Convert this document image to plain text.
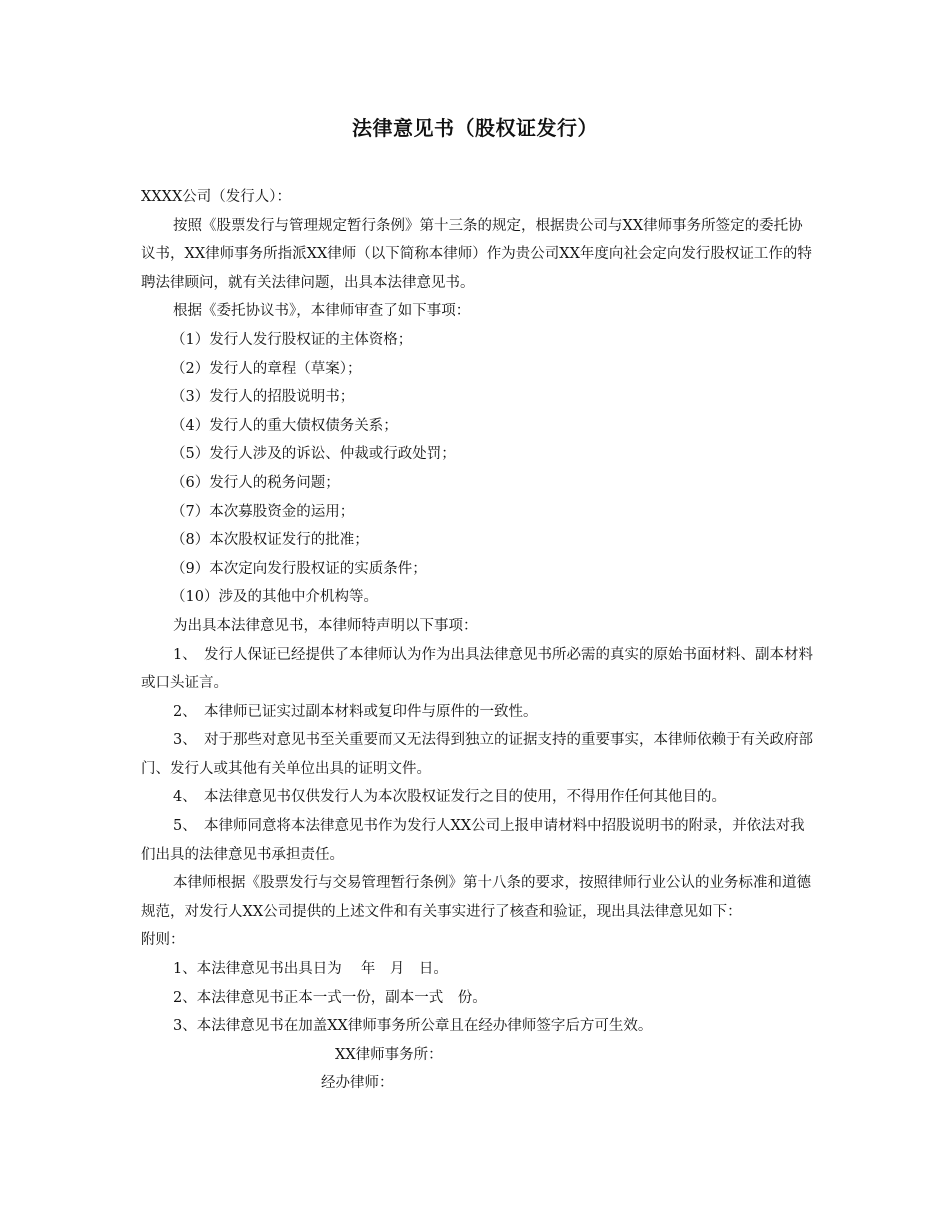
法律意见书（股权证发行）

XXXX公司（发行人）：

按照《股票发行与管理规定暂行条例》第十三条的规定，根据贵公司与XX律师事务所签定的委托协议书，XX律师事务所指派XX律师（以下简称本律师）作为贵公司XX年度向社会定向发行股权证工作的特聘法律顾问，就有关法律问题，出具本法律意见书。

根据《委托协议书》，本律师审查了如下事项：

（1）发行人发行股权证的主体资格；

（2）发行人的章程（草案）；

（3）发行人的招股说明书；

（4）发行人的重大债权债务关系；

（5）发行人涉及的诉讼、仲裁或行政处罚；

（6）发行人的税务问题；

（7）本次募股资金的运用；

（8）本次股权证发行的批准；

（9）本次定向发行股权证的实质条件；

（10）涉及的其他中介机构等。

为出具本法律意见书，本律师特声明以下事项：

1、　发行人保证已经提供了本律师认为作为出具法律意见书所必需的真实的原始书面材料、副本材料或口头证言。

2、　本律师已证实过副本材料或复印件与原件的一致性。

3、　对于那些对意见书至关重要而又无法得到独立的证据支持的重要事实，本律师依赖于有关政府部门、发行人或其他有关单位出具的证明文件。

4、　本法律意见书仅供发行人为本次股权证发行之目的使用，不得用作任何其他目的。

5、　本律师同意将本法律意见书作为发行人XX公司上报申请材料中招股说明书的附录，并依法对我们出具的法律意见书承担责任。

本律师根据《股票发行与交易管理暂行条例》第十八条的要求，按照律师行业公认的业务标准和道德规范，对发行人XX公司提供的上述文件和有关事实进行了核查和验证，现出具法律意见如下：

附则：

1、本法律意见书出具日为　 年　月　日。

2、本法律意见书正本一式一份，副本一式　份。

3、本法律意见书在加盖XX律师事务所公章且在经办律师签字后方可生效。

XX律师事务所：

经办律师：
